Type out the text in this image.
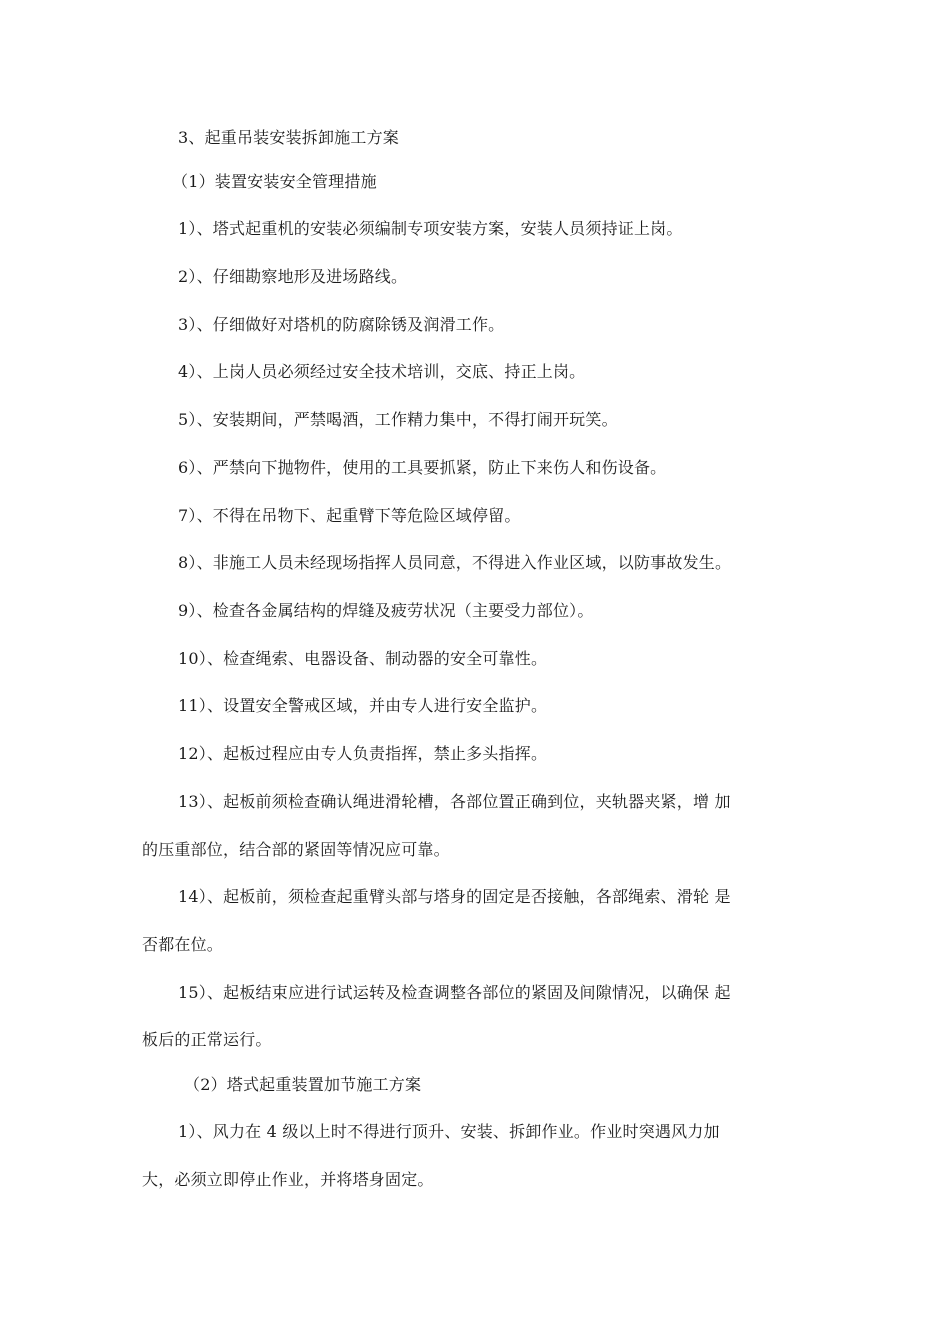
3、起重吊装安装拆卸施工方案
（1）装置安装安全管理措施
1）、塔式起重机的安装必须编制专项安装方案，安装人员须持证上岗。
2）、仔细勘察地形及进场路线。
3）、仔细做好对塔机的防腐除锈及润滑工作。
4）、上岗人员必须经过安全技术培训，交底、持正上岗。
5）、安装期间，严禁喝酒，工作精力集中，不得打闹开玩笑。
6）、严禁向下抛物件，使用的工具要抓紧，防止下来伤人和伤设备。
7）、不得在吊物下、起重臂下等危险区域停留。
8）、非施工人员未经现场指挥人员同意，不得进入作业区域，以防事故发生。
9）、检查各金属结构的焊缝及疲劳状况（主要受力部位）。
10）、检查绳索、电器设备、制动器的安全可靠性。
11）、设置安全警戒区域，并由专人进行安全监护。
12）、起板过程应由专人负责指挥，禁止多头指挥。
13）、起板前须检查确认绳进滑轮槽，各部位置正确到位，夹轨器夹紧，增 加
的压重部位，结合部的紧固等情况应可靠。
14）、起板前，须检查起重臂头部与塔身的固定是否接触，各部绳索、滑轮 是
否都在位。
15）、起板结束应进行试运转及检查调整各部位的紧固及间隙情况，以确保 起
板后的正常运行。
（2）塔式起重装置加节施工方案
1）、风力在 4 级以上时不得进行顶升、安装、拆卸作业。作业时突遇风力加
大，必须立即停止作业，并将塔身固定。
